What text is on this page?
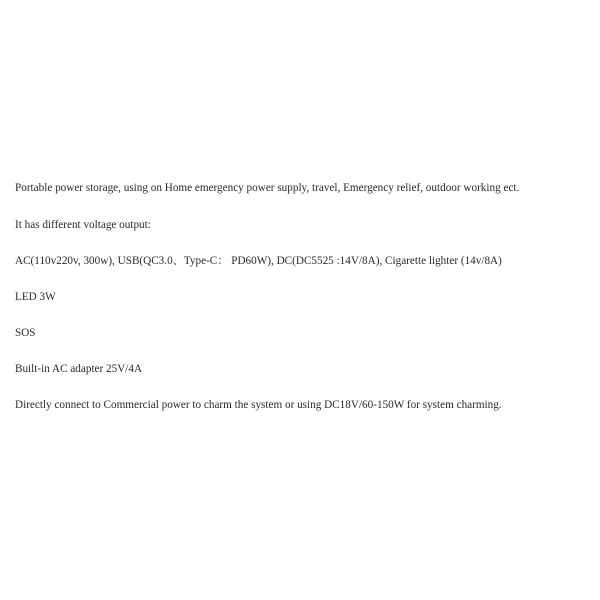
Portable power storage, using on Home emergency power supply, travel, Emergency relief, outdoor working ect.
It has different voltage output:
AC(110v220v, 300w), USB(QC3.0、Type-C： PD60W), DC(DC5525 :14V/8A), Cigarette lighter (14v/8A)
LED 3W
SOS
Built-in AC adapter 25V/4A
Directly connect to Commercial power to charm the system or using DC18V/60-150W for system charming.
